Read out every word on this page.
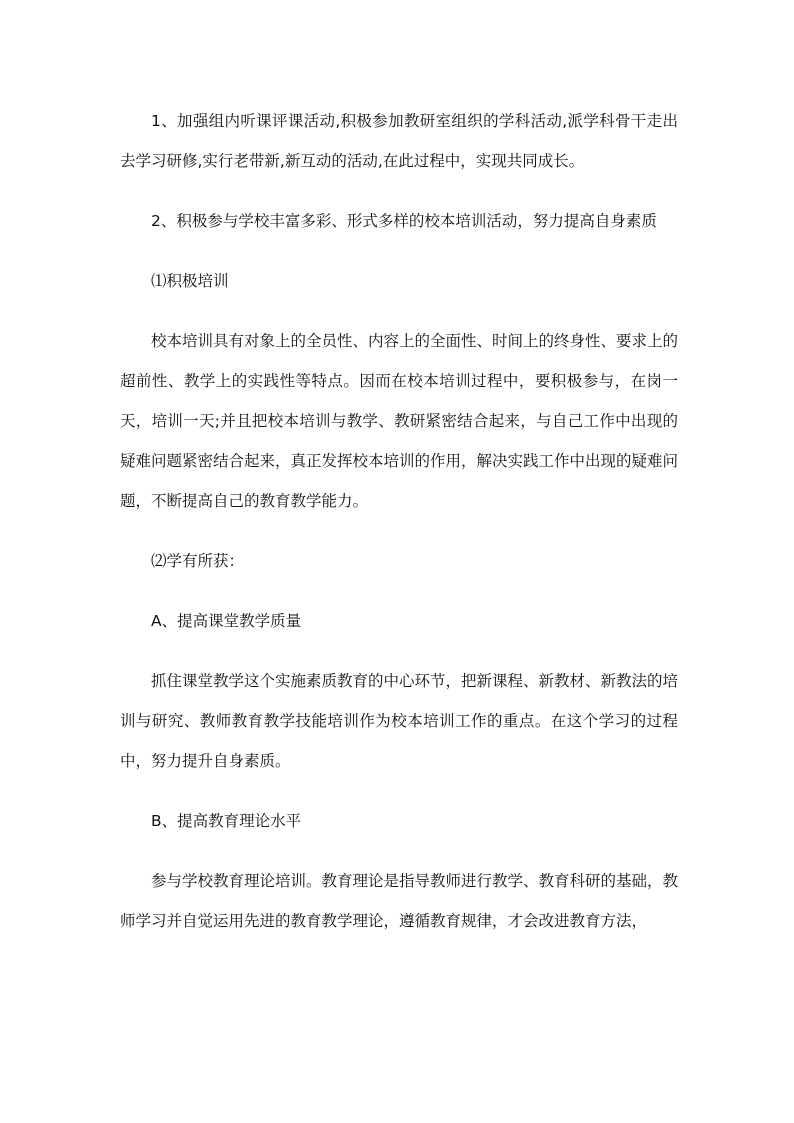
1、加强组内听课评课活动,积极参加教研室组织的学科活动,派学科骨干走出去学习研修,实行老带新,新互动的活动,在此过程中，实现共同成长。

2、积极参与学校丰富多彩、形式多样的校本培训活动，努力提高自身素质

⑴积极培训

校本培训具有对象上的全员性、内容上的全面性、时间上的终身性、要求上的超前性、教学上的实践性等特点。因而在校本培训过程中，要积极参与，在岗一天，培训一天;并且把校本培训与教学、教研紧密结合起来，与自己工作中出现的疑难问题紧密结合起来，真正发挥校本培训的作用，解决实践工作中出现的疑难问题，不断提高自己的教育教学能力。

⑵学有所获：

A、提高课堂教学质量

抓住课堂教学这个实施素质教育的中心环节，把新课程、新教材、新教法的培训与研究、教师教育教学技能培训作为校本培训工作的重点。在这个学习的过程中，努力提升自身素质。

B、提高教育理论水平

参与学校教育理论培训。教育理论是指导教师进行教学、教育科研的基础，教师学习并自觉运用先进的教育教学理论，遵循教育规律，才会改进教育方法，
